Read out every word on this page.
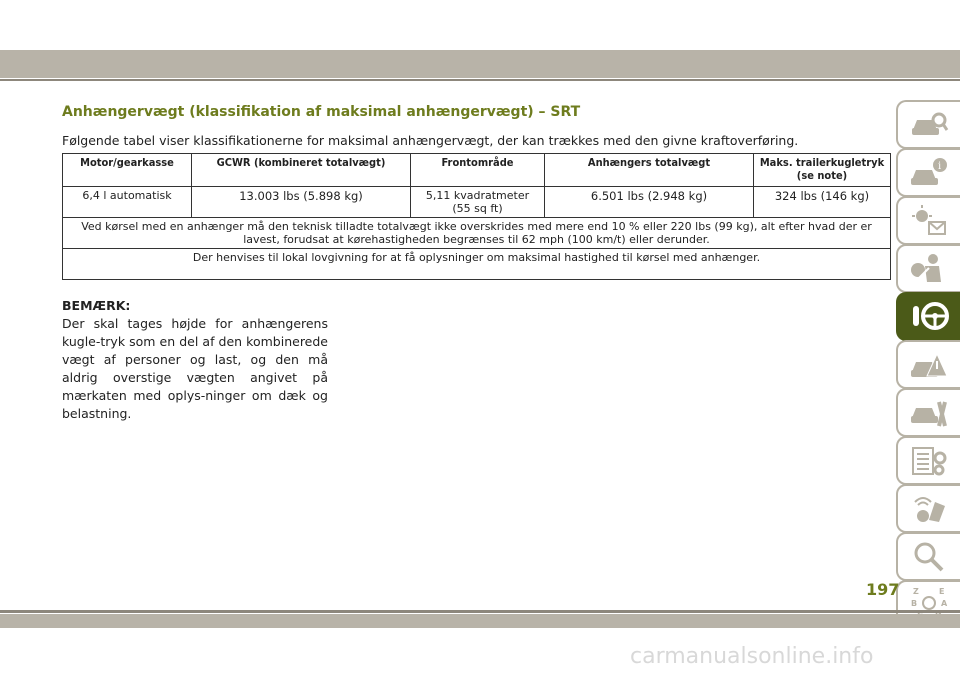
Anhængervægt (klassifikation af maksimal anhængervægt) – SRT
Følgende tabel viser klassifikationerne for maksimal anhængervægt, der kan trækkes med den givne kraftoverføring.
Motor/gearkasse	GCWR (kombineret totalvægt)	Frontområde	Anhængers totalvægt	Maks. trailerkugletryk (se note)
6,4 l automatisk	13.003 lbs (5.898 kg)	5,11 kvadratmeter (55 sq ft)	6.501 lbs (2.948 kg)	324 lbs (146 kg)
Ved kørsel med en anhænger må den teknisk tilladte totalvægt ikke overskrides med mere end 10 % eller 220 lbs (99 kg), alt efter hvad der er lavest, forudsat at kørehastigheden begrænses til 62 mph (100 km/t) eller derunder.				
Der henvises til lokal lovgivning for at få oplysninger om maksimal hastighed til kørsel med anhænger.				
BEMÆRK:
Der skal tages højde for anhængerens kugle-tryk som en del af den kombinerede vægt af personer og last, og den må aldrig overstige vægten angivet på mærkaten med oplys-ninger om dæk og belastning.
i
Z	E
B	A
197
carmanualsonline.info
